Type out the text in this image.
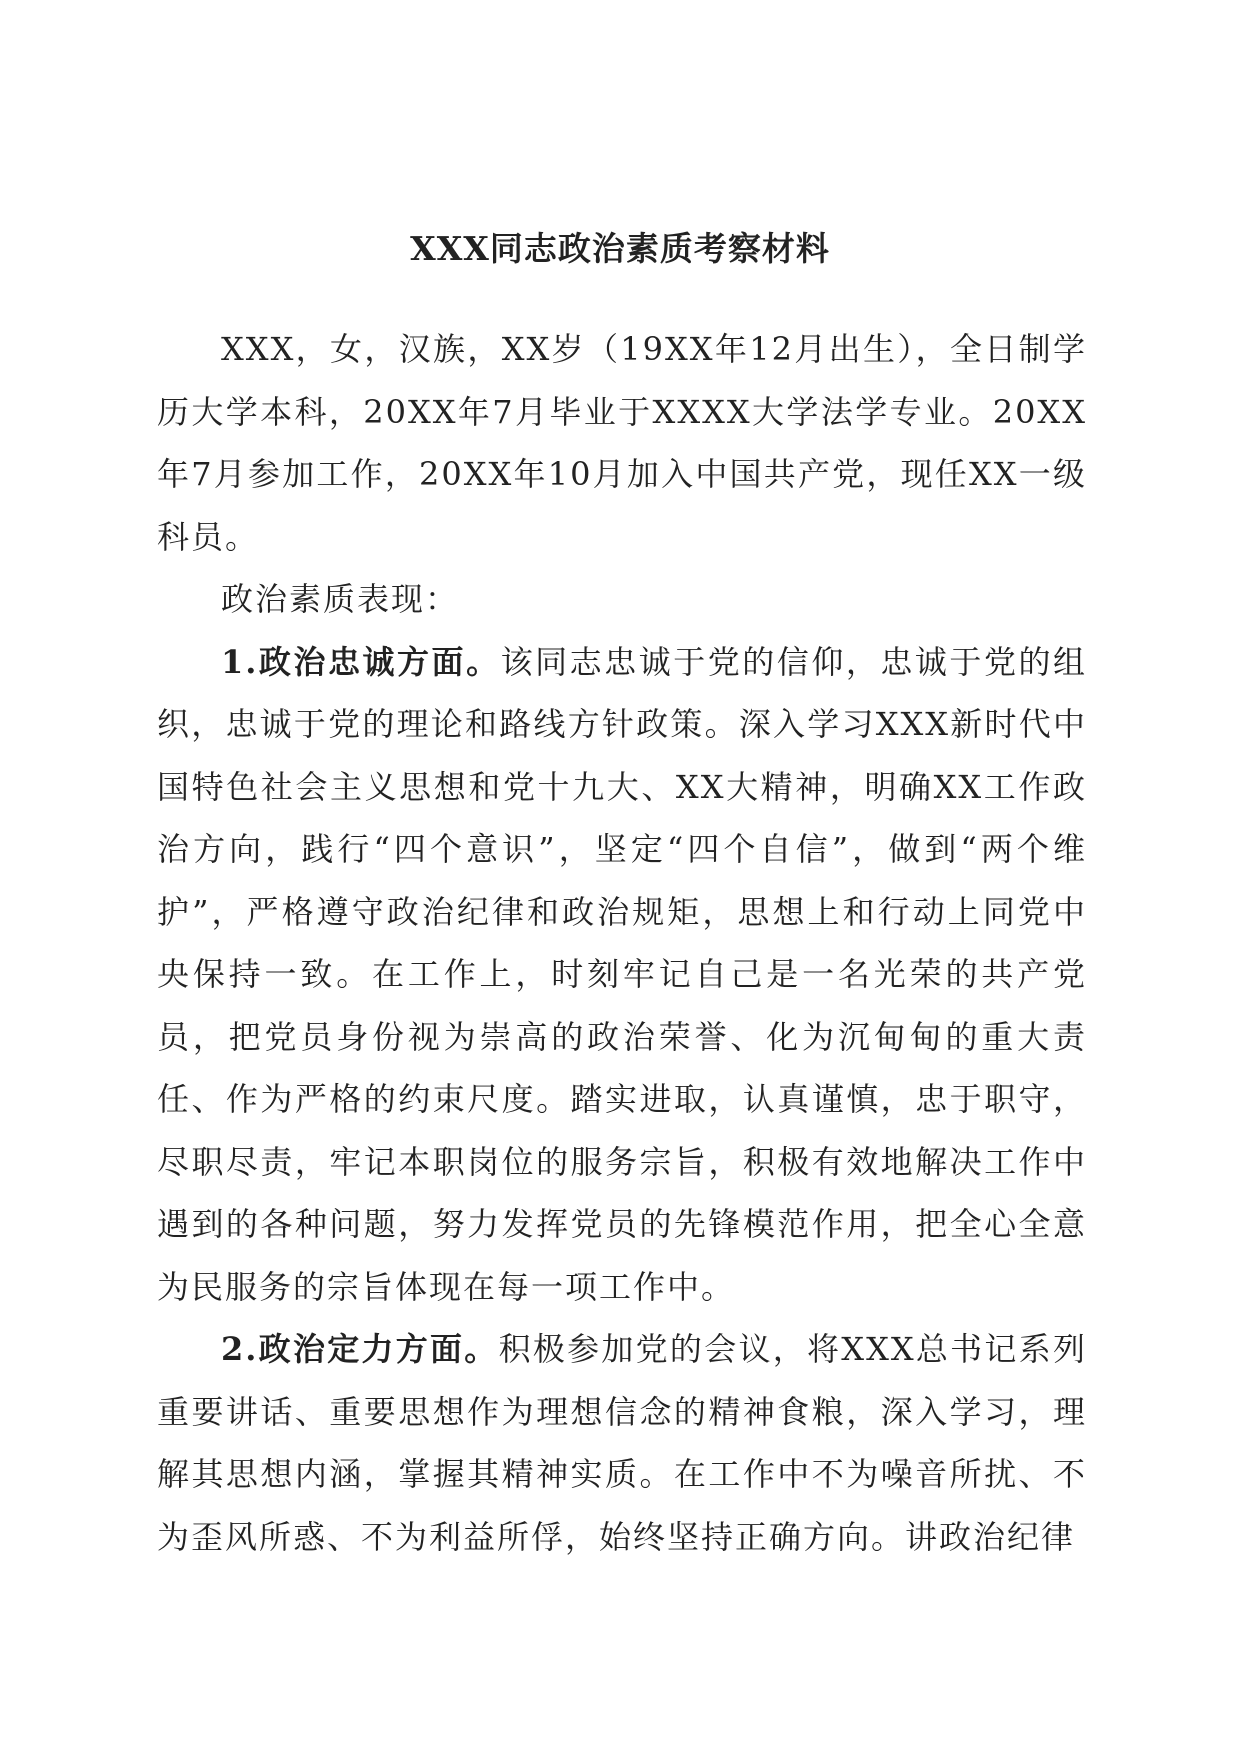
XXX同志政治素质考察材料

XXX，女，汉族，XX岁（19XX年12月出生），全日制学历大学本科，20XX年7月毕业于XXXX大学法学专业。20XX年7月参加工作，20XX年10月加入中国共产党，现任XX一级科员。

政治素质表现：

1.政治忠诚方面。该同志忠诚于党的信仰，忠诚于党的组织，忠诚于党的理论和路线方针政策。深入学习XXX新时代中国特色社会主义思想和党十九大、XX大精神，明确XX工作政治方向，践行“四个意识”，坚定“四个自信”，做到“两个维护”，严格遵守政治纪律和政治规矩，思想上和行动上同党中央保持一致。在工作上，时刻牢记自己是一名光荣的共产党员，把党员身份视为崇高的政治荣誉、化为沉甸甸的重大责任、作为严格的约束尺度。踏实进取，认真谨慎，忠于职守，尽职尽责，牢记本职岗位的服务宗旨，积极有效地解决工作中遇到的各种问题，努力发挥党员的先锋模范作用，把全心全意为民服务的宗旨体现在每一项工作中。

2.政治定力方面。积极参加党的会议，将XXX总书记系列重要讲话、重要思想作为理想信念的精神食粮，深入学习，理解其思想内涵，掌握其精神实质。在工作中不为噪音所扰、不为歪风所惑、不为利益所俘，始终坚持正确方向。讲政治纪律
